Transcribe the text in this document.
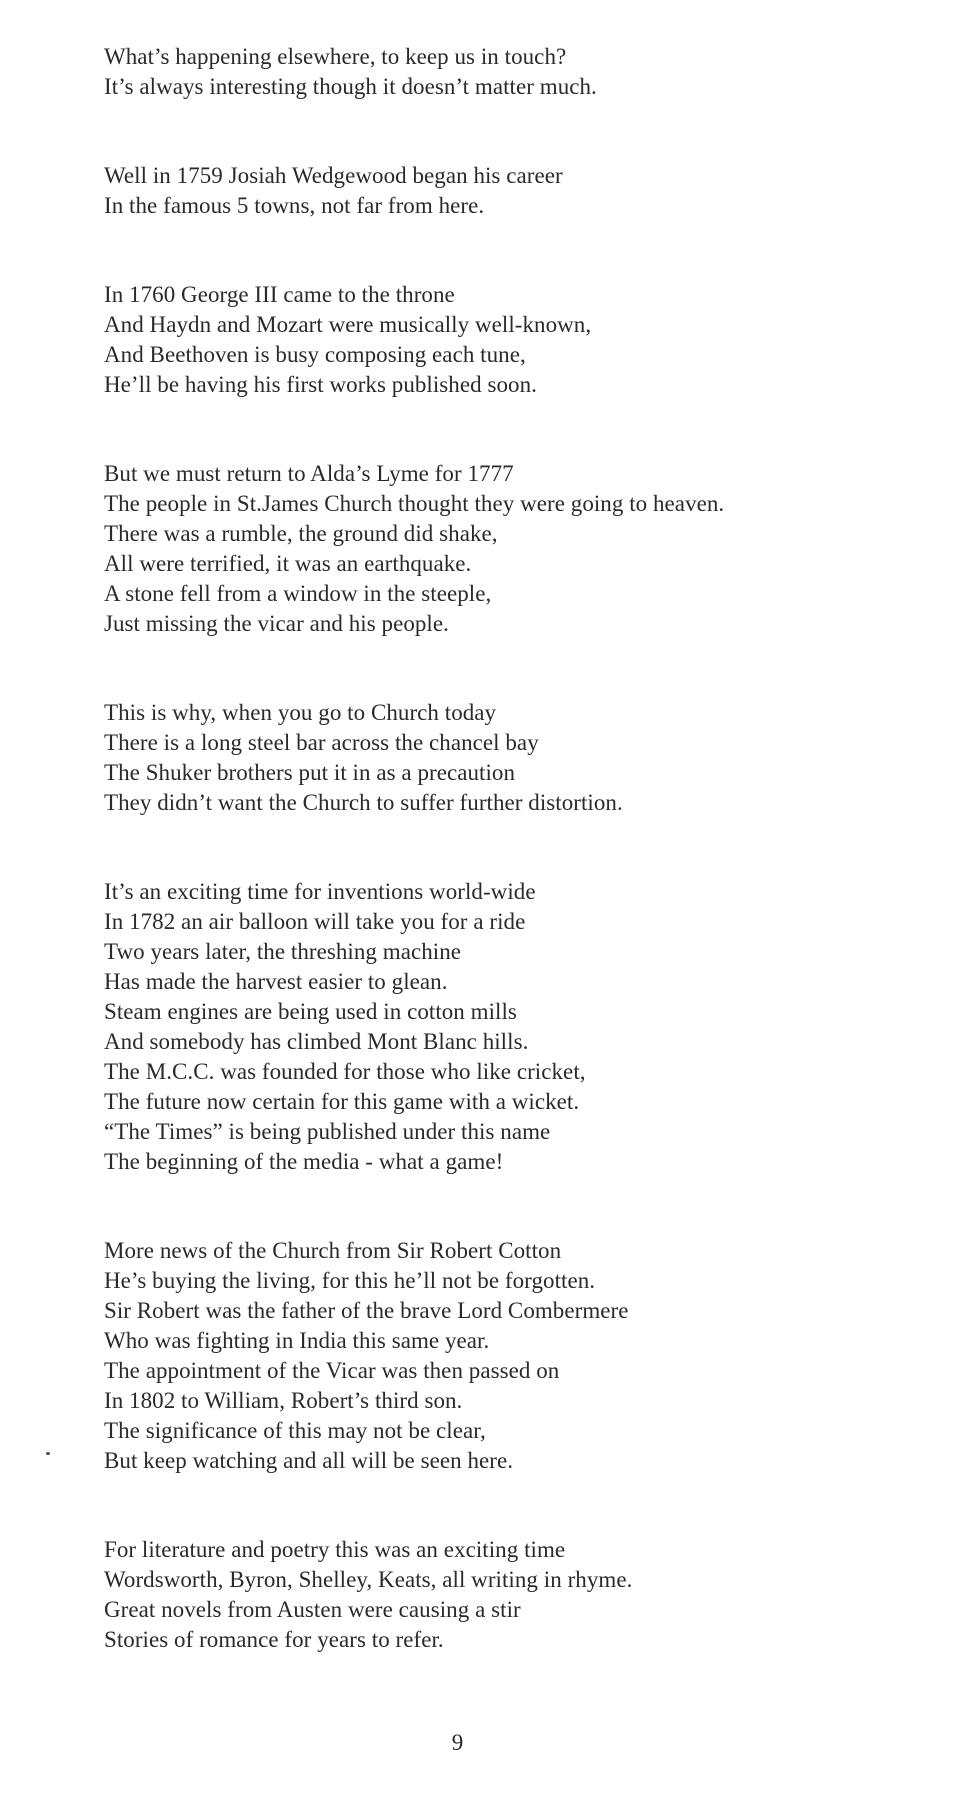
What’s happening elsewhere, to keep us in touch?
It’s always interesting though it doesn’t matter much.
Well in 1759 Josiah Wedgewood began his career
In the famous 5 towns, not far from here.
In 1760 George III came to the throne
And Haydn and Mozart were musically well-known,
And Beethoven is busy composing each tune,
He’ll be having his first works published soon.
But we must return to Alda’s Lyme for 1777
The people in St.James Church thought they were going to heaven.
There was a rumble, the ground did shake,
All were terrified, it was an earthquake.
A stone fell from a window in the steeple,
Just missing the vicar and his people.
This is why, when you go to Church today
There is a long steel bar across the chancel bay
The Shuker brothers put it in as a precaution
They didn’t want the Church to suffer further distortion.
It’s an exciting time for inventions world-wide
In 1782 an air balloon will take you for a ride
Two years later, the threshing machine
Has made the harvest easier to glean.
Steam engines are being used in cotton mills
And somebody has climbed Mont Blanc hills.
The M.C.C. was founded for those who like cricket,
The future now certain for this game with a wicket.
“The Times” is being published under this name
The beginning of the media - what a game!
More news of the Church from Sir Robert Cotton
He’s buying the living, for this he’ll not be forgotten.
Sir Robert was the father of the brave Lord Combermere
Who was fighting in India this same year.
The appointment of the Vicar was then passed on
In 1802 to William, Robert’s third son.
The significance of this may not be clear,
But keep watching and all will be seen here.
For literature and poetry this was an exciting time
Wordsworth, Byron, Shelley, Keats, all writing in rhyme.
Great novels from Austen were causing a stir
Stories of romance for years to refer.
9
